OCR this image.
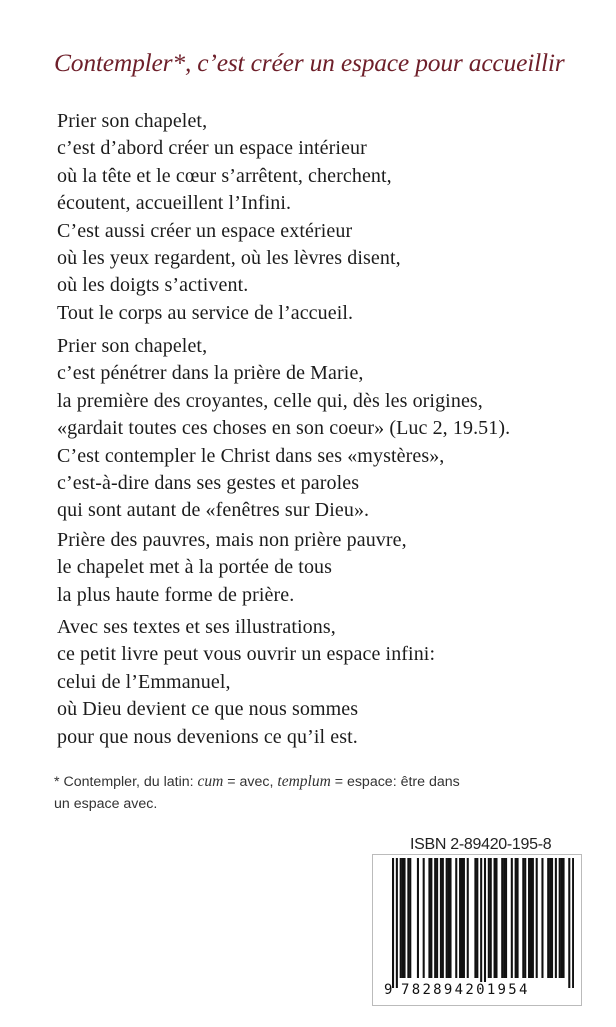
Contempler*, c’est créer un espace pour accueillir
Prier son chapelet,
c’est d’abord créer un espace intérieur
où la tête et le cœur s’arrêtent, cherchent,
écoutent, accueillent l’Infini.
C’est aussi créer un espace extérieur
où les yeux regardent, où les lèvres disent,
où les doigts s’activent.
Tout le corps au service de l’accueil.
Prier son chapelet,
c’est pénétrer dans la prière de Marie,
la première des croyantes, celle qui, dès les origines,
«gardait toutes ces choses en son coeur» (Luc 2, 19.51).
C’est contempler le Christ dans ses «mystères»,
c’est-à-dire dans ses gestes et paroles
qui sont autant de «fenêtres sur Dieu».
Prière des pauvres, mais non prière pauvre,
le chapelet met à la portée de tous
la plus haute forme de prière.
Avec ses textes et ses illustrations,
ce petit livre peut vous ouvrir un espace infini:
celui de l’Emmanuel,
où Dieu devient ce que nous sommes
pour que nous devenions ce qu’il est.
* Contempler, du latin: cum = avec, templum = espace: être dans
un espace avec.
ISBN 2-89420-195-8
9 782894201954
